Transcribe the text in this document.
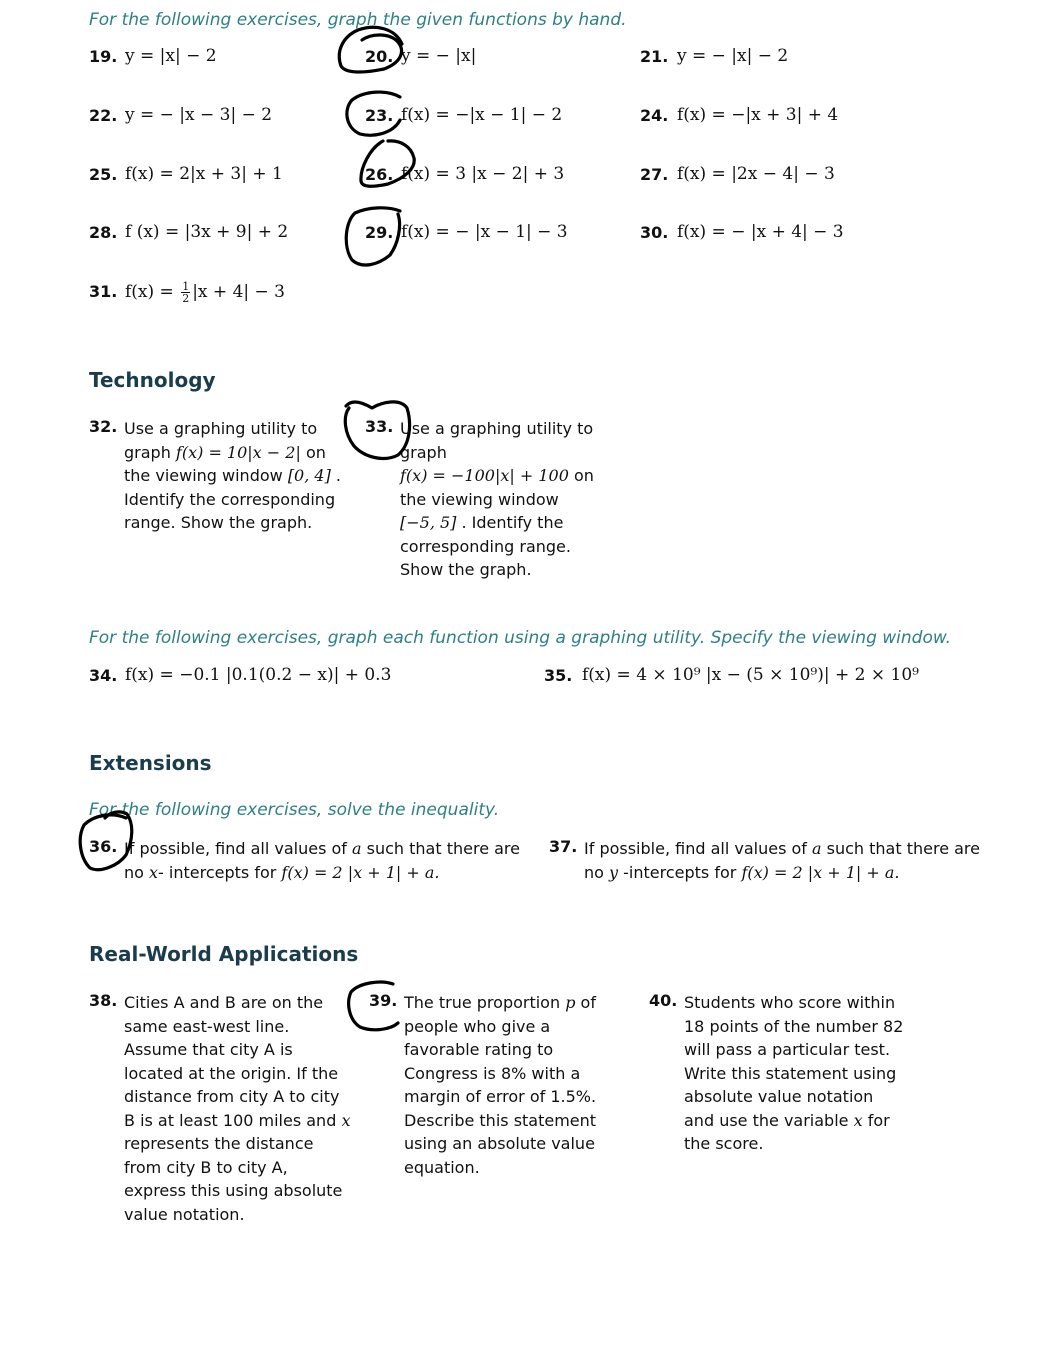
For the following exercises, graph the given functions by hand.
19. y = |x| − 2	20. y = − |x|	21. y = − |x| − 2
22. y = − |x − 3| − 2	23. f(x) = −|x − 1| − 2	24. f(x) = −|x + 3| + 4
25. f(x) = 2|x + 3| + 1	26. f(x) = 3 |x − 2| + 3	27. f(x) = |2x − 4| − 3
28. f (x) = |3x + 9| + 2	29. f(x) = − |x − 1| − 3	30. f(x) = − |x + 4| − 3
31. $f(x) = \frac{1}{2} |x + 4| - 3$
Technology
32. Use a graphing utility to
graph f(x) = 10|x − 2| on
the viewing window [0, 4] .
Identify the corresponding
range. Show the graph.
33. Use a graphing utility to
graph
f(x) = −100|x| + 100 on
the viewing window
[−5, 5] . Identify the
corresponding range.
Show the graph.
For the following exercises, graph each function using a graphing utility. Specify the viewing window.
34. f(x) = −0.1 |0.1(0.2 − x)| + 0.3	35. f(x) = 4 × 10⁹ |x − (5 × 10⁹)| + 2 × 10⁹
Extensions
For the following exercises, solve the inequality.
36. If possible, find all values of a such that there are
no x- intercepts for f(x) = 2 |x + 1| + a.
37. If possible, find all values of a such that there are
no y -intercepts for f(x) = 2 |x + 1| + a.
Real-World Applications
38. Cities A and B are on the
same east-west line.
Assume that city A is
located at the origin. If the
distance from city A to city
B is at least 100 miles and x
represents the distance
from city B to city A,
express this using absolute
value notation.
39. The true proportion p of
people who give a
favorable rating to
Congress is 8% with a
margin of error of 1.5%.
Describe this statement
using an absolute value
equation.
40. Students who score within
18 points of the number 82
will pass a particular test.
Write this statement using
absolute value notation
and use the variable x for
the score.
